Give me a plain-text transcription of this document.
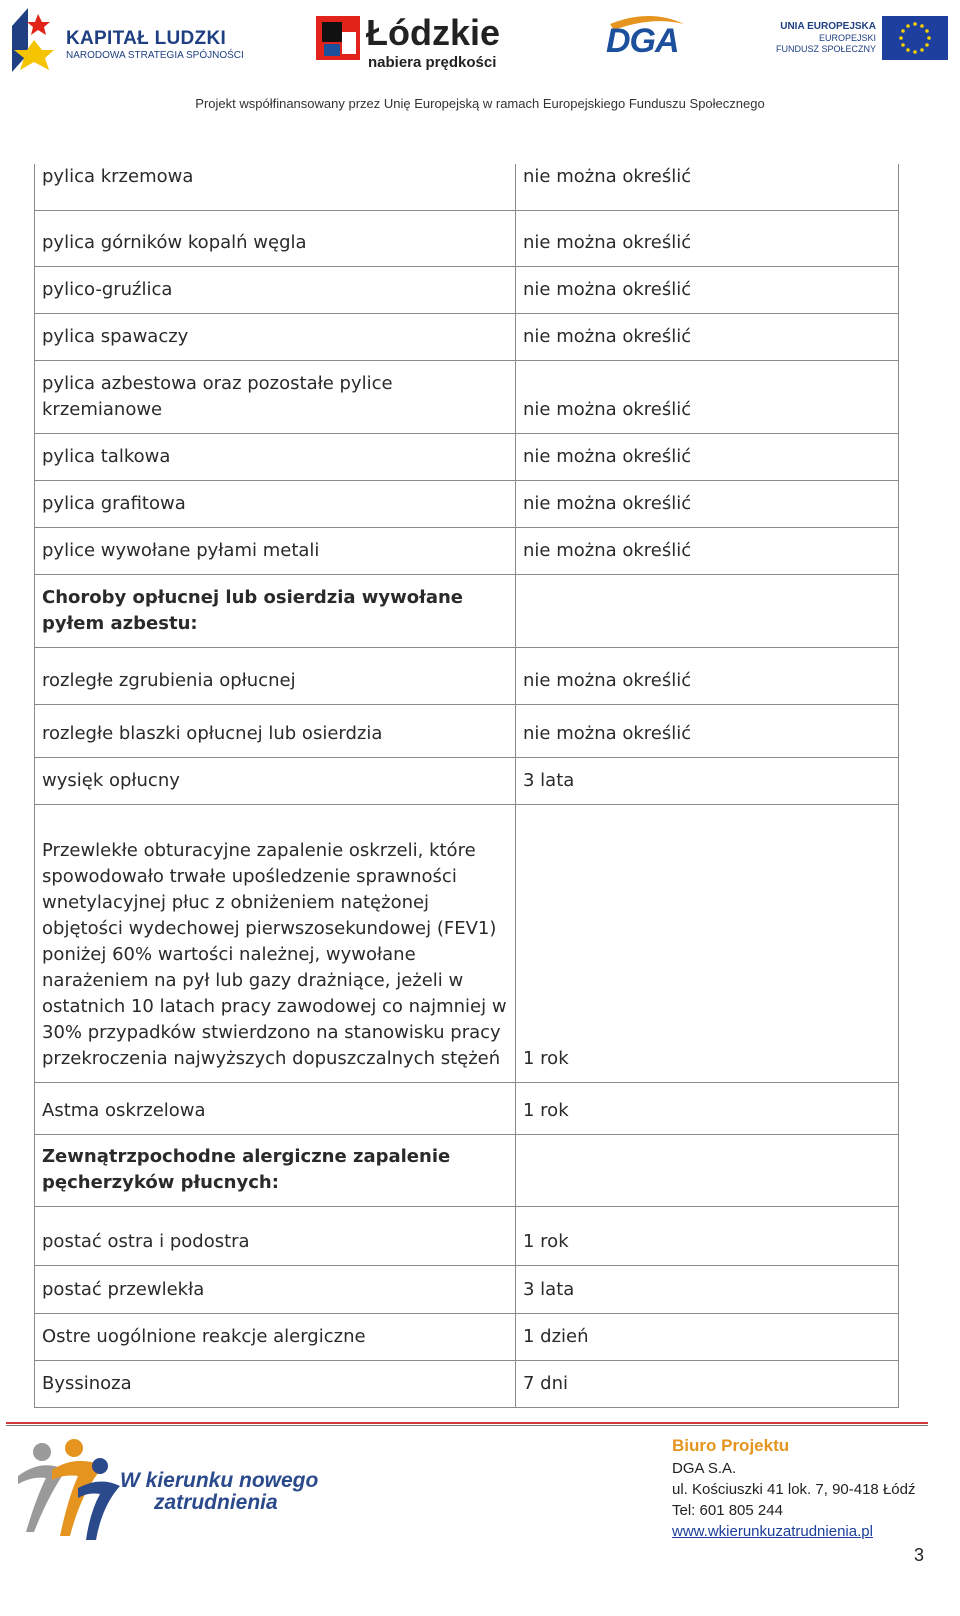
KAPITAŁ LUDZKI
NARODOWA STRATEGIA SPÓJNOŚCI
Łódzkie
nabiera prędkości
DGA	UNIA EUROPEJSKA
EUROPEJSKI
FUNDUSZ SPOŁECZNY
Projekt współfinansowany przez Unię Europejską w ramach Europejskiego Funduszu Społecznego
pylica krzemowa	nie można określić
pylica górników kopalń węgla	nie można określić
pylico-gruźlica	nie można określić
pylica spawaczy	nie można określić
pylica azbestowa oraz pozostałe pylice krzemianowe	nie można określić
pylica talkowa	nie można określić
pylica grafitowa	nie można określić
pylice wywołane pyłami metali	nie można określić
Choroby opłucnej lub osierdzia wywołane pyłem azbestu:	
rozległe zgrubienia opłucnej	nie można określić
rozległe blaszki opłucnej lub osierdzia	nie można określić
wysięk opłucny	3 lata
Przewlekłe obturacyjne zapalenie oskrzeli, które spowodowało trwałe upośledzenie sprawności wnetylacyjnej płuc z obniżeniem natężonej objętości wydechowej pierwszosekundowej (FEV1) poniżej 60% wartości należnej, wywołane narażeniem na pył lub gazy drażniące, jeżeli w ostatnich 10 latach pracy zawodowej co najmniej w 30% przypadków stwierdzono na stanowisku pracy przekroczenia najwyższych dopuszczalnych stężeń	1 rok
Astma oskrzelowa	1 rok
Zewnątrzpochodne alergiczne zapalenie pęcherzyków płucnych:	
postać ostra i podostra	1 rok
postać przewlekła	3 lata
Ostre uogólnione reakcje alergiczne	1 dzień
Byssinoza	7 dni
W kierunku nowego
zatrudnienia
Biuro Projektu
DGA S.A.
ul. Kościuszki 41 lok. 7, 90-418 Łódź
Tel: 601 805 244
www.wkierunkuzatrudnienia.pl
3
